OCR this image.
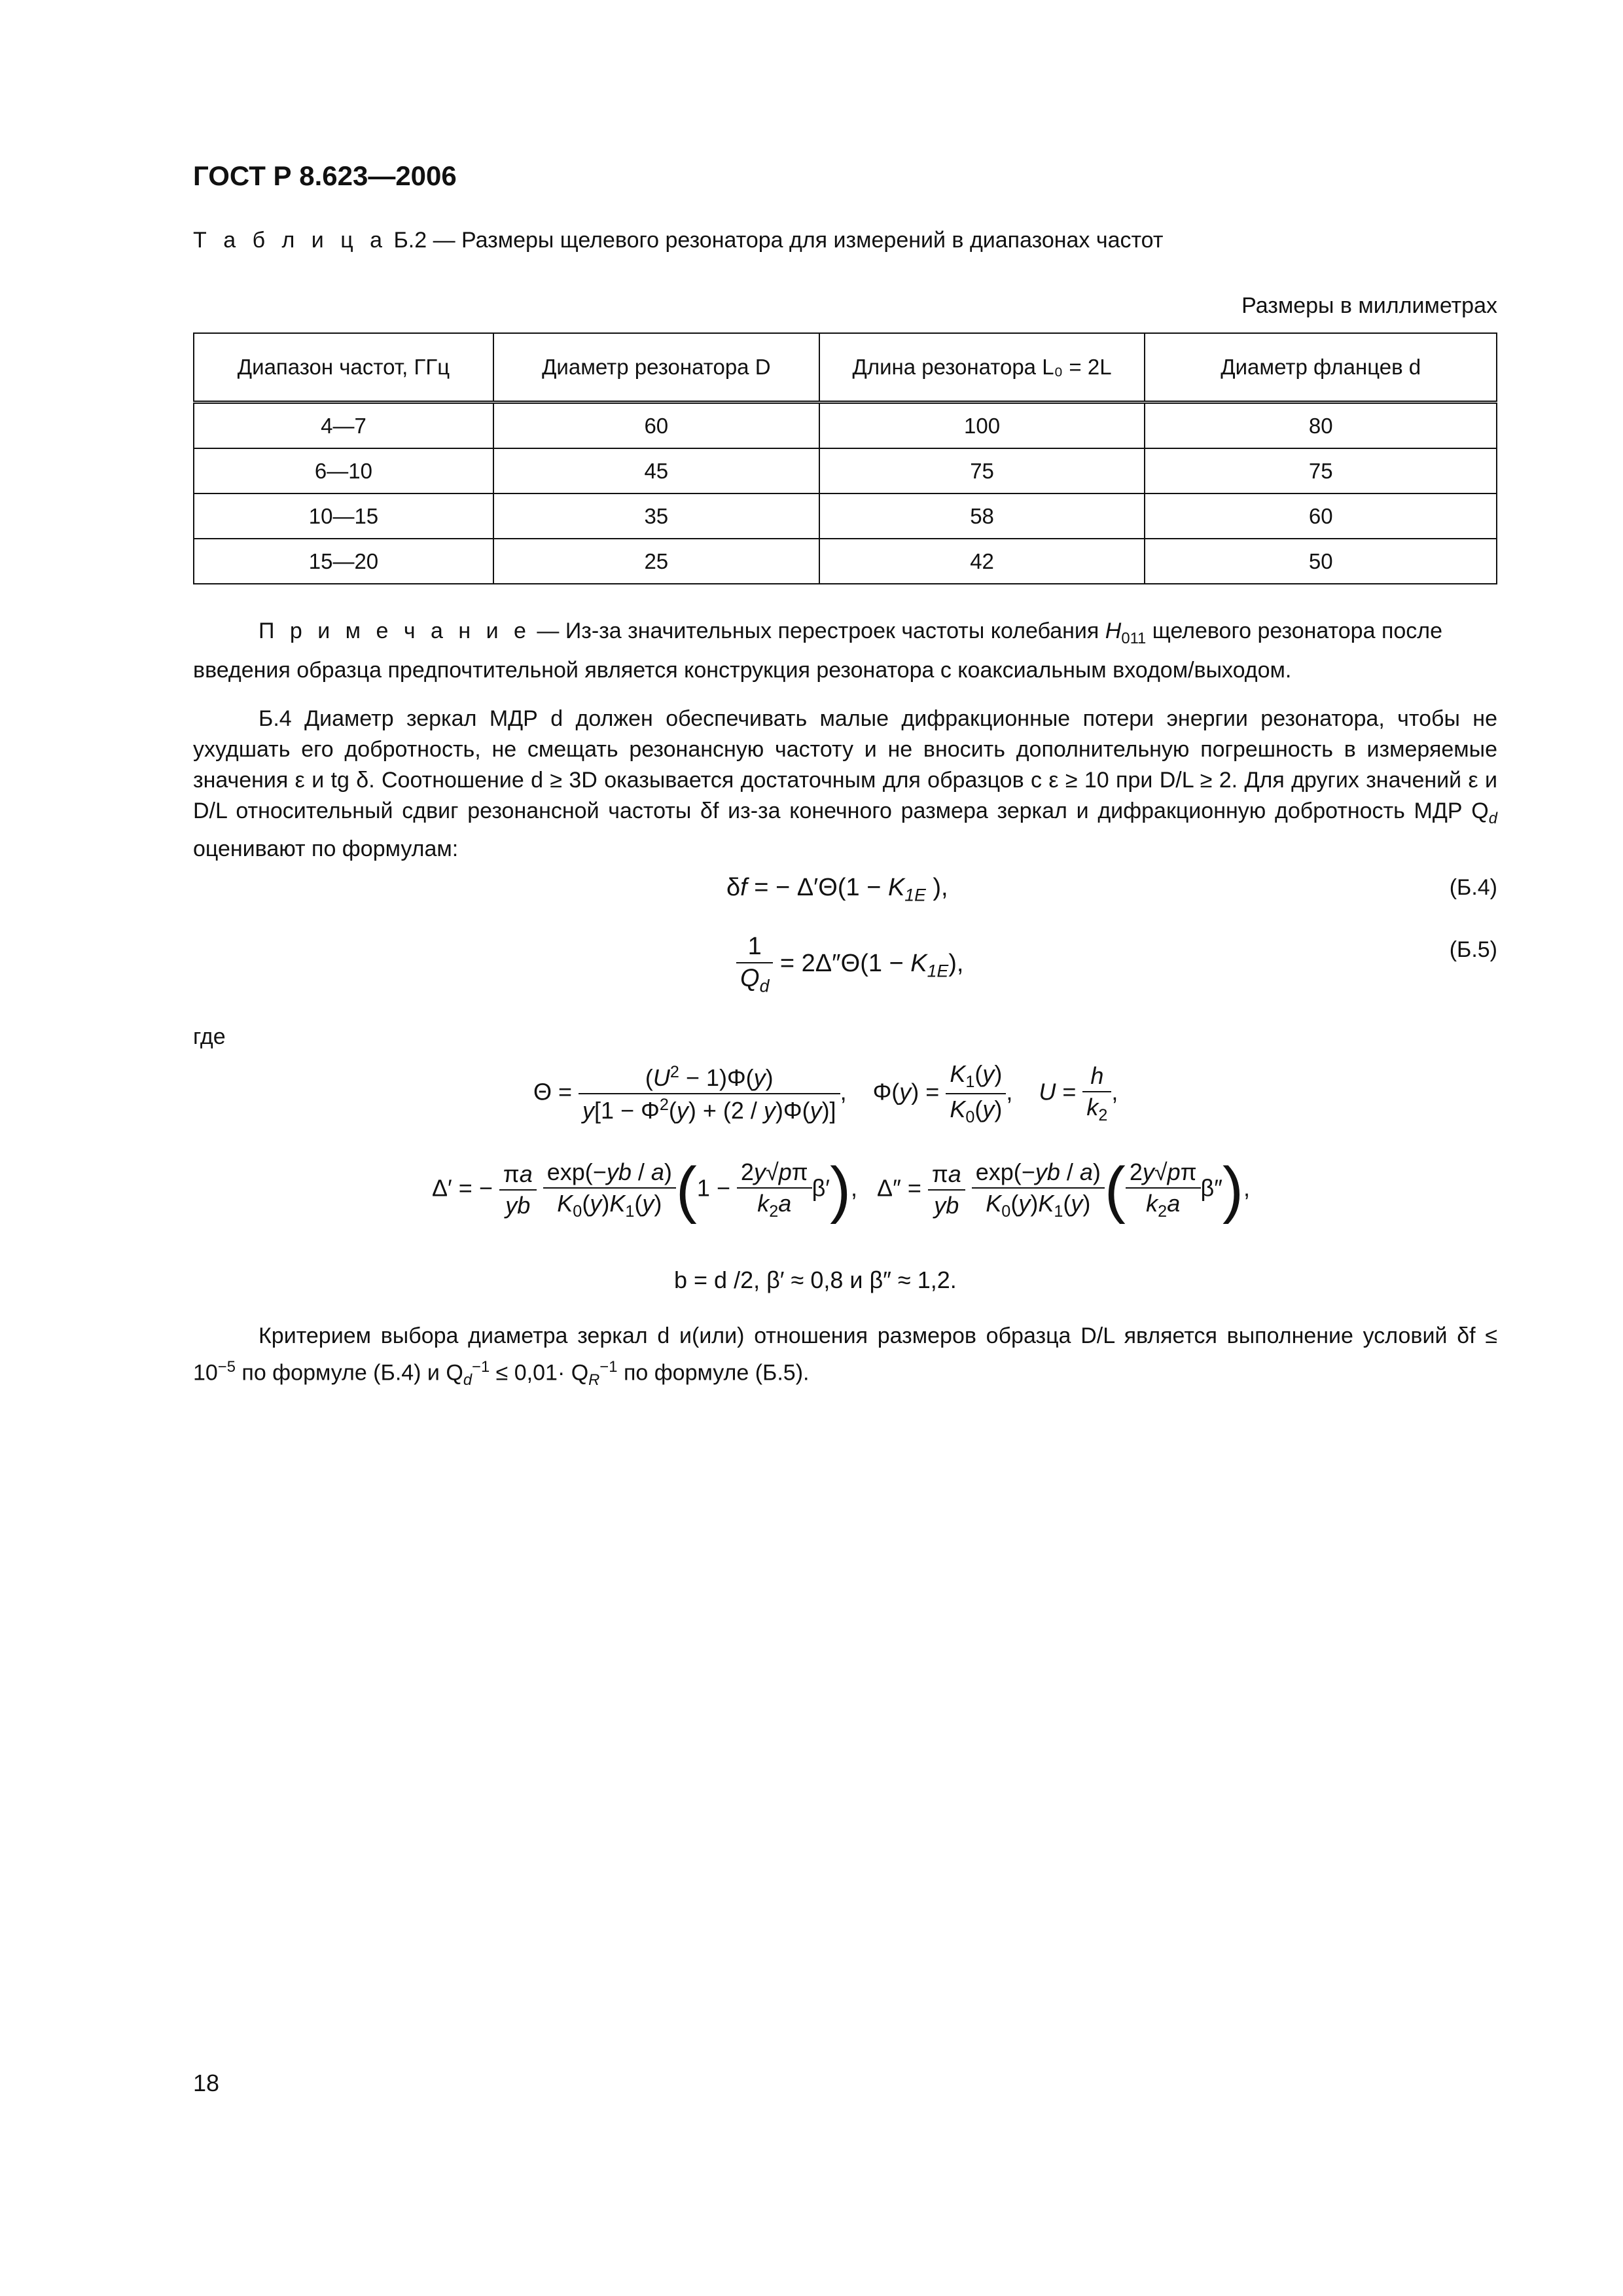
ГОСТ Р 8.623—2006
Т а б л и ц а Б.2 — Размеры щелевого резонатора для измерений в диапазонах частот
Размеры в миллиметрах
Диапазон частот, ГГц	Диаметр резонатора D	Длина резонатора L₀ = 2L	Диаметр фланцев d
4—7	60	100	80
6—10	45	75	75
10—15	35	58	60
15—20	25	42	50
П р и м е ч а н и е — Из-за значительных перестроек частоты колебания $H_{011}$ щелевого резонатора после введения образца предпочтительной является конструкция резонатора с коаксиальным входом/выходом.
Б.4 Диаметр зеркал МДР d должен обеспечивать малые дифракционные потери энергии резонатора, чтобы не ухудшать его добротность, не смещать резонансную частоту и не вносить дополнительную погрешность в измеряемые значения ε и tg δ. Соотношение d ≥ 3D оказывается достаточным для образцов с ε ≥ 10 при D/L ≥ 2. Для других значений ε и D/L относительный сдвиг резонансной частоты δf из-за конечного размера зеркал и дифракционную добротность МДР $Q_d$ оценивают по формулам:
δf = − $\Delta'\Theta(1 - K_{1E}$ ),	(Б.4)
$\frac{1}{Q_d} = 2\Delta''\Theta(1 - K_{1E})$,	(Б.5)
где
$\Theta = \frac{(U^2 - 1)\Phi(y)}{y[1 - \Phi^2(y) + (2 / y)\Phi(y)]}$ ,    $\Phi(y) = \frac{K_1(y)}{K_0(y)}$ ,    $U = \frac{h}{k_2}$ ,
Δ′ = − $\frac{\pi a}{yb}$
$\frac{\exp(-yb / a)}{K_0(y)K_1(y)} (1 - \frac{2y√p\pi}{k_2a} \beta')$,   $\Delta'' = \frac{\pi a}{yb}$
$\frac{\exp(-yb / a)}{K_0(y)K_1(y)}$ ( $\frac{2y√p\pi}{k_2a} \beta''$),
b = d /2, β′ ≈ 0,8 и β″ ≈ 1,2.
Критерием выбора диаметра зеркал d и(или) отношения размеров образца D/L является выполнение условий $\delta f \le 10^{-5}$ по формуле (Б.4) и $Q_d^{-1} \le 0,01\cdot Q_R^{-1}$ по формуле (Б.5).
18
